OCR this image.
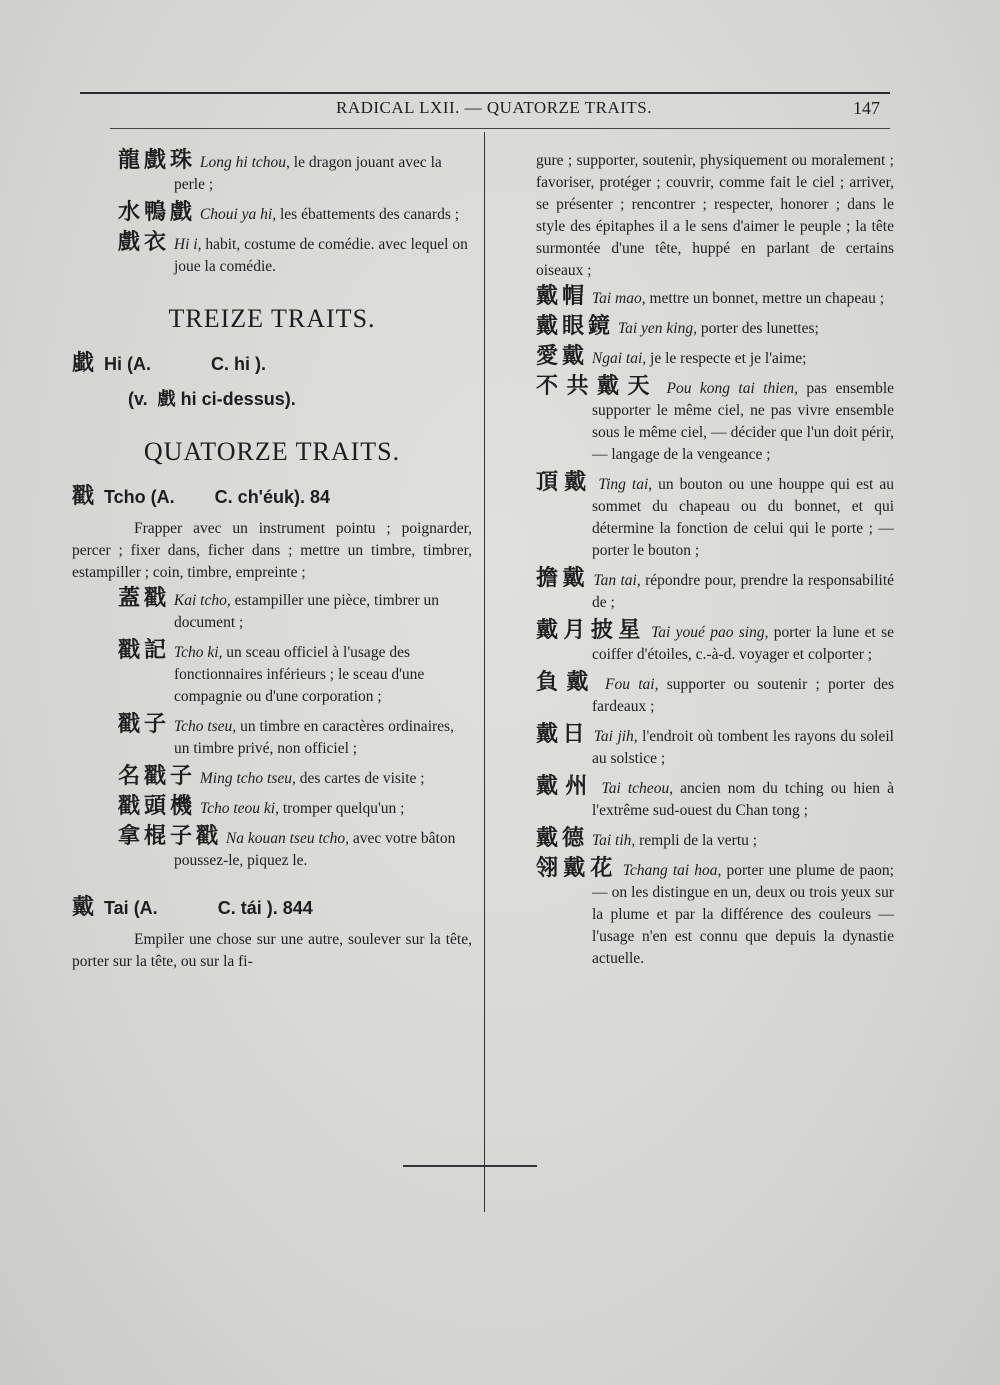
RADICAL LXII. — QUATORZE TRAITS.	147
龍戲珠 Long hi tchou, le dragon jouant avec la perle ;
水鴨戲 Choui ya hi, les ébattements des canards ;
戲衣 Hi i, habit, costume de comédie. avec lequel on joue la comédie.
TREIZE TRAITS.
戱 Hi (A.            C. hi ).
(v.  戲 hi ci-dessus).
QUATORZE TRAITS.
戳 Tcho (A.        C. ch'éuk). 84
Frapper avec un instrument pointu ; poignarder, percer ; fixer dans, ficher dans ; mettre un timbre, timbrer, estampiller ; coin, timbre, empreinte ;
蓋戳 Kai tcho, estampiller une pièce, timbrer un document ;
戳記 Tcho ki, un sceau officiel à l'usage des fonctionnaires inférieurs ; le sceau d'une compagnie ou d'une corporation ;
戳子 Tcho tseu, un timbre en caractères ordinaires, un timbre privé, non officiel ;
名戳子 Ming tcho tseu, des cartes de visite ;
戳頭機 Tcho teou ki, tromper quelqu'un ;
拿棍子戳 Na kouan tseu tcho, avec votre bâton poussez-le, piquez le.
戴 Tai (A.            C. tái ). 844
Empiler une chose sur une autre, soulever sur la tête, porter sur la tête, ou sur la fi-
gure ; supporter, soutenir, physiquement ou moralement ; favoriser, protéger ; couvrir, comme fait le ciel ; arriver, se présenter ; rencontrer ; respecter, honorer ; dans le style des épitaphes il a le sens d'aimer le peuple ; la tête surmontée d'une tête, huppé en parlant de certains oiseaux ;
戴帽 Tai mao, mettre un bonnet, mettre un chapeau ;
戴眼鏡 Tai yen king, porter des lunettes;
愛戴 Ngai tai, je le respecte et je l'aime;
不共戴天 Pou kong tai thien, pas ensemble supporter le même ciel, ne pas vivre ensemble sous le même ciel, — décider que l'un doit périr, — langage de la vengeance ;
頂戴 Ting tai, un bouton ou une houppe qui est au sommet du chapeau ou du bonnet, et qui détermine la fonction de celui qui le porte ; — porter le bouton ;
擔戴 Tan tai, répondre pour, prendre la responsabilité de ;
戴月披星 Tai youé pao sing, porter la lune et se coiffer d'étoiles, c.-à-d. voyager et colporter ;
負戴 Fou tai, supporter ou soutenir ; porter des fardeaux ;
戴日 Tai jih, l'endroit où tombent les rayons du soleil au solstice ;
戴州 Tai tcheou, ancien nom du tching ou hien à l'extrême sud-ouest du Chan tong ;
戴德 Tai tih, rempli de la vertu ;
翎戴花 Tchang tai hoa, porter une plume de paon; — on les distingue en un, deux ou trois yeux sur la plume et par la différence des couleurs — l'usage n'en est connu que depuis la dynastie actuelle.
